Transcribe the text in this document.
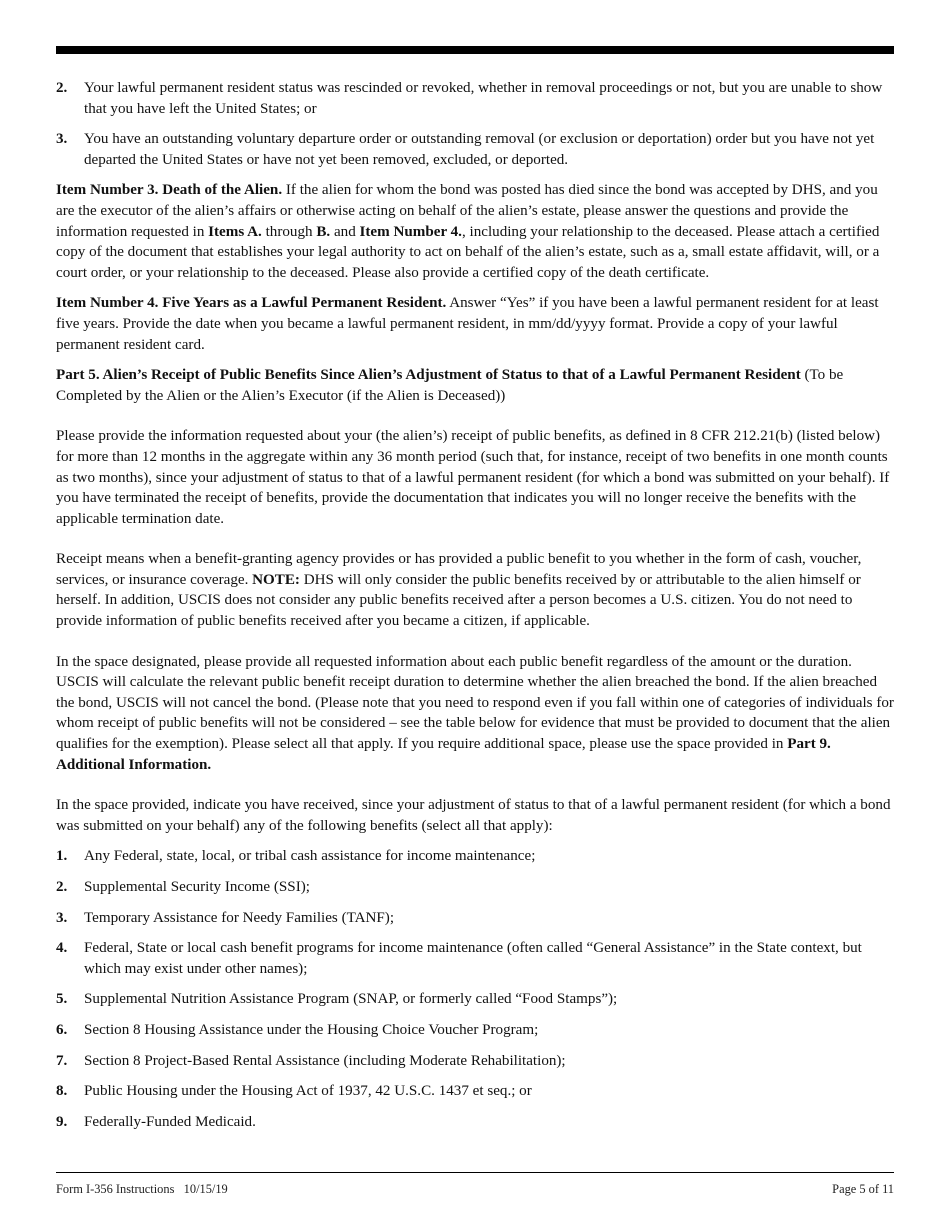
2.	Your lawful permanent resident status was rescinded or revoked, whether in removal proceedings or not, but you are unable to show that you have left the United States; or
3.	You have an outstanding voluntary departure order or outstanding removal (or exclusion or deportation) order but you have not yet departed the United States or have not yet been removed, excluded, or deported.

Item Number 3. Death of the Alien. If the alien for whom the bond was posted has died since the bond was accepted by DHS, and you are the executor of the alien’s affairs or otherwise acting on behalf of the alien’s estate, please answer the questions and provide the information requested in Items A. through B. and Item Number 4., including your relationship to the deceased. Please attach a certified copy of the document that establishes your legal authority to act on behalf of the alien’s estate, such as a, small estate affidavit, will, or a court order, or your relationship to the deceased. Please also provide a certified copy of the death certificate.

Item Number 4. Five Years as a Lawful Permanent Resident. Answer “Yes” if you have been a lawful permanent resident for at least five years. Provide the date when you became a lawful permanent resident, in mm/dd/yyyy format. Provide a copy of your lawful permanent resident card.

Part 5. Alien’s Receipt of Public Benefits Since Alien’s Adjustment of Status to that of a Lawful Permanent Resident (To be Completed by the Alien or the Alien’s Executor (if the Alien is Deceased))

Please provide the information requested about your (the alien’s) receipt of public benefits, as defined in 8 CFR 212.21(b) (listed below) for more than 12 months in the aggregate within any 36 month period (such that, for instance, receipt of two benefits in one month counts as two months), since your adjustment of status to that of a lawful permanent resident (for which a bond was submitted on your behalf). If you have terminated the receipt of benefits, provide the documentation that indicates you will no longer receive the benefits with the applicable termination date.

Receipt means when a benefit-granting agency provides or has provided a public benefit to you whether in the form of cash, voucher, services, or insurance coverage. NOTE: DHS will only consider the public benefits received by or attributable to the alien himself or herself. In addition, USCIS does not consider any public benefits received after a person becomes a U.S. citizen. You do not need to provide information of public benefits received after you became a citizen, if applicable.

In the space designated, please provide all requested information about each public benefit regardless of the amount or the duration. USCIS will calculate the relevant public benefit receipt duration to determine whether the alien breached the bond. If the alien breached the bond, USCIS will not cancel the bond. (Please note that you need to respond even if you fall within one of categories of individuals for whom receipt of public benefits will not be considered – see the table below for evidence that must be provided to document that the alien qualifies for the exemption). Please select all that apply. If you require additional space, please use the space provided in Part 9. Additional Information.

In the space provided, indicate you have received, since your adjustment of status to that of a lawful permanent resident (for which a bond was submitted on your behalf) any of the following benefits (select all that apply):

1.	Any Federal, state, local, or tribal cash assistance for income maintenance;
2.	Supplemental Security Income (SSI);
3.	Temporary Assistance for Needy Families (TANF);
4.	Federal, State or local cash benefit programs for income maintenance (often called “General Assistance” in the State context, but which may exist under other names);
5.	Supplemental Nutrition Assistance Program (SNAP, or formerly called “Food Stamps”);
6.	Section 8 Housing Assistance under the Housing Choice Voucher Program;
7.	Section 8 Project-Based Rental Assistance (including Moderate Rehabilitation);
8.	Public Housing under the Housing Act of 1937, 42 U.S.C. 1437 et seq.; or
9.	Federally-Funded Medicaid.
Form I-356 Instructions   10/15/19	Page 5 of 11
